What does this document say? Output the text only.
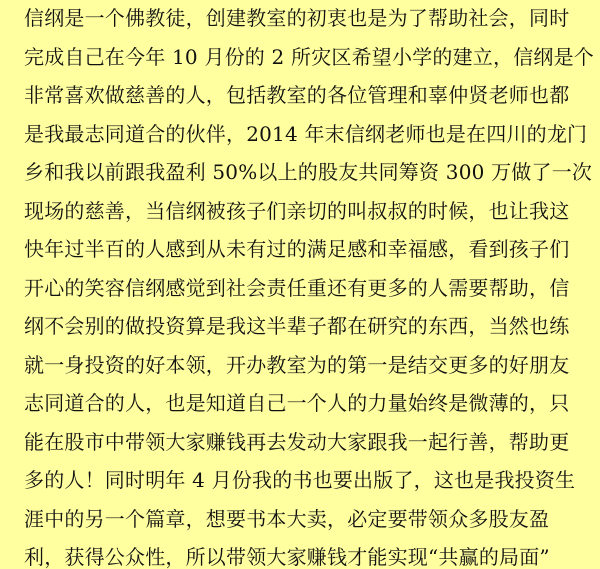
信纲是一个佛教徒，创建教室的初衷也是为了帮助社会，同时
完成自己在今年 10 月份的 2 所灾区希望小学的建立，信纲是个
非常喜欢做慈善的人，包括教室的各位管理和辜仲贤老师也都
是我最志同道合的伙伴，2014 年末信纲老师也是在四川的龙门
乡和我以前跟我盈利 50%以上的股友共同筹资 300 万做了一次
现场的慈善，当信纲被孩子们亲切的叫叔叔的时候，也让我这
快年过半百的人感到从未有过的满足感和幸福感，看到孩子们
开心的笑容信纲感觉到社会责任重还有更多的人需要帮助，信
纲不会别的做投资算是我这半辈子都在研究的东西，当然也练
就一身投资的好本领，开办教室为的第一是结交更多的好朋友
志同道合的人，也是知道自己一个人的力量始终是微薄的，只
能在股市中带领大家赚钱再去发动大家跟我一起行善，帮助更
多的人！同时明年 4 月份我的书也要出版了，这也是我投资生
涯中的另一个篇章，想要书本大卖，必定要带领众多股友盈
利，获得公众性，所以带领大家赚钱才能实现“共赢的局面”
